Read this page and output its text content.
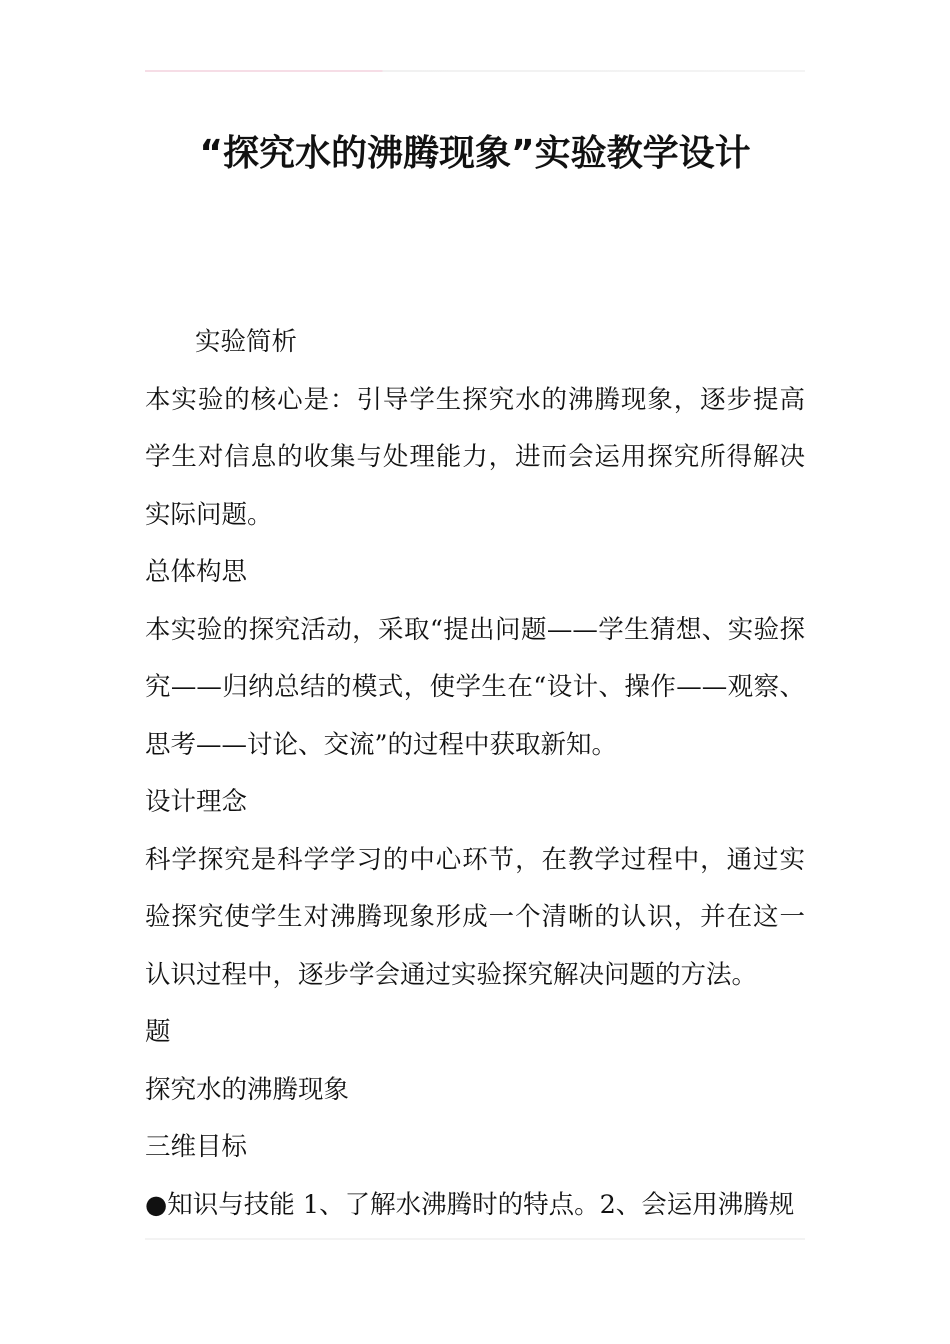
“探究水的沸腾现象”实验教学设计

实验简析

本实验的核心是：引导学生探究水的沸腾现象，逐步提高学生对信息的收集与处理能力，进而会运用探究所得解决实际问题。

总体构思

本实验的探究活动，采取“提出问题——学生猜想、实验探究——归纳总结的模式，使学生在“设计、操作——观察、思考——讨论、交流”的过程中获取新知。

设计理念

科学探究是科学学习的中心环节，在教学过程中，通过实验探究使学生对沸腾现象形成一个清晰的认识，并在这一认识过程中，逐步学会通过实验探究解决问题的方法。

题

探究水的沸腾现象

三维目标

●知识与技能 1、了解水沸腾时的特点。2、会运用沸腾规
